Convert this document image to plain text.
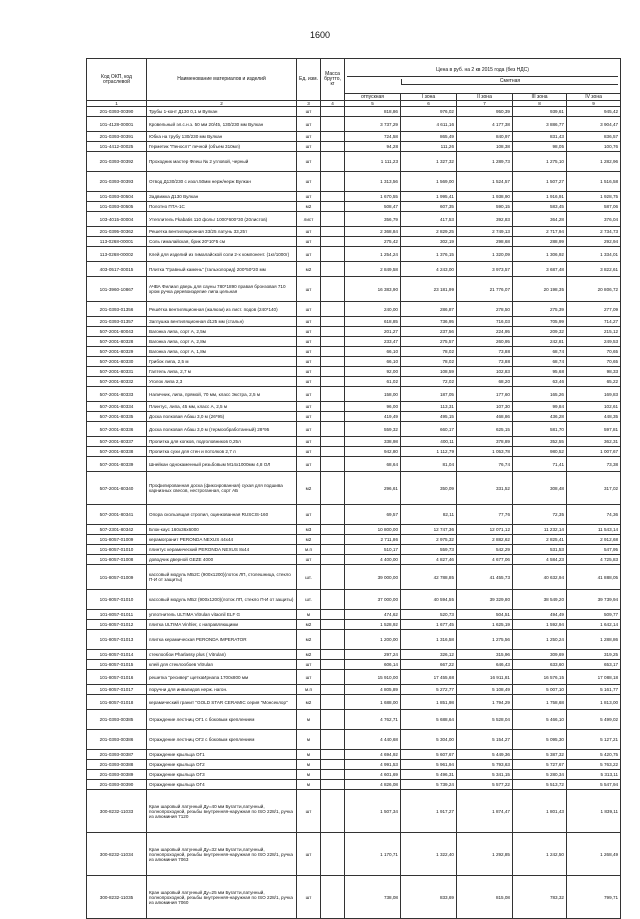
1600
Код ОКП, код отраслевой	Наименование материалов и изделий	Ед. изм.	Масса брутто, кг	Цена в руб. на 2 кв 2015 года (без НДС)
Сметная				

				отпускная	I зона	II зона	III зона	IV зона
1	2	3	4	5	6	7	8	9
201-0393-00390	Трубы 1-конт Д130 0,1 м Вулкан	шт		818,86	976,02	950,39	939,61	945,42
101-4128-00001	Кровельный эл.с.н.з. 50 мм 20/45, 130/230 мм Вулкан	шт		3 737,29	4 611,16	4 177,38	3 886,77	3 904,47
201-0393-00391	Юбка на трубу 130/230 мм Вулкан	шт		724,58	865,49	840,97	831,43	836,57
101-4412-00025	Герметик "Пенослт" печной (объем 310мл)	шт		94,28	111,26	108,38	98,05	100,76
201-0393-00392	Проходник мастер Флеш № 2 угловой, черный	шт		1 111,23	1 327,32	1 289,73	1 275,10	1 282,96
201-0393-00393	Отвод Д130/230 с изол.50мм нерж/нерж Вулкан	шт		1 313,56	1 569,00	1 524,57	1 507,27	1 516,58
101-0393-00504	Задвижка Д130 Вулкан	шт		1 670,55	1 995,41	1 938,90	1 916,91	1 928,75
101-0393-00505	Полотно ПТА-1С	м2		508,47	607,35	590,15	583,45	587,06
103-4015-00004	Утеплитель Fkabatis 110 фольг 1000*600*30 (20листов)	лист		356,79	417,53	392,83	364,28	376,04
201-0395-00362	Решетка вентиляционная 33/25 латунь 33,25т	шт		2 368,84	2 829,25	2 749,13	2 717,94	2 734,73
113-0268-00001	Соль гималайская, брик 20*10*5 см	шт		275,42	302,19	298,68	288,99	292,94
113-0268-00002	Клей для изделий из гималайской соли 2-х компонент. (1кг/1000г)	шт		1 254,24	1 376,15	1 320,09	1 306,92	1 334,01
403-0517-00015	Плитка "Гравный камень" (тальхолорид) 200*50*20 мм	м2		2 849,58	4 243,00	3 973,57	3 687,48	3 822,61
101-3960-10867	АЧВА Филиал дверь для сауны 780*1890 правая бронзовая 710 хром ручка деревоизделие липа цельная	шт		16 383,90	23 181,99	21 776,07	20 198,35	20 806,72
201-0393-01356	Решётка вентиляционная (жалюзи) из лист. подов (240*140)	шт		240,00	286,87	278,50	275,39	277,09
201-0393-01357	Заглушка вентиляционная d125 мм (стальн)	шт		618,85	736,95	716,03	705,99	714,27
507-2001-80043	Вагонка липа, сорт А, 2,5м	шт		201,27	237,56	224,95	209,32	215,12
507-2001-80328	Вагонка липа, сорт А, 2,8м	шт		233,47	275,57	260,95	242,81	249,53
507-2001-80329	Вагонка липа, сорт А, 1,8м	шт		66,10	78,02	73,88	68,74	70,65
507-2001-80330	Грибок липа, 2,5 м	шт		66,10	78,02	73,88	68,74	70,65
507-2001-80331	Галтель липа, 2,7 м	шт		92,00	108,59	102,83	95,68	98,33
507-2001-80332	Уголок липа 2,3	шт		61,02	72,02	68,20	63,46	65,22
507-2001-80333	Наличник, липа, прямой, 70 мм, класс Экстра, 2,5 м	шт		158,00	187,05	177,60	165,26	169,83
507-2001-80334	Плинтус, липа, 45 мм, класс А, 2,5 м	шт		96,00	113,31	107,30	99,84	102,61
507-2001-80335	Доска полковая Абаш 3,0 м (26*95)	шт		419,49	495,15	468,86	436,28	448,35
507-2001-80336	Доска полковая Абаш 3,0 м (термообработанный) 28*95	шт		559,32	660,17	625,15	581,70	597,81
507-2001-80337	Пропитка для копков, подголовников 0,25л	шт		338,98	400,11	378,89	352,55	362,31
507-2001-80338	Пропитка сухи для стен и потолков 2,7 л	шт		942,80	1 112,79	1 053,78	980,52	1 007,67
507-2001-80339	Шнейкан однокаменный резьбовым М14х1000мм 4,8 ОЛ	шт		68,64	81,04	76,74	71,41	73,38
507-2001-80340	Профилированная доска (фиксированная) сухая для подшива карнизных свесов, нестроганная, сорт АБ	м2		296,61	350,09	331,52	308,48	317,02
507-2001-80341	Опора скользящая стропил, оцинкованная RUSCIS-160	шт		69,57	82,11	77,76	72,35	74,36
507-2301-80342	Блок-каус 160х36х6000	м3		10 800,00	12 747,36	12 071,12	11 232,14	11 543,14
101-8057-01009	керамогранит PERONDA NEXUS 44х44	м2		2 711,86	2 975,32	2 882,62	2 825,41	2 912,68
101-8057-01010	плинтус керамический PERONDA NEXUS 8х44	м.п		510,17	559,73	542,29	531,53	547,95
101-8057-01008	доводчик дверной GEZE 4000	шт		4 400,00	4 827,46	4 677,06	4 584,23	4 725,83
101-8057-01009	кассовый модуль МБ2С (900х1200)(лоток ЛП, столешница, стекло П-И от защиты)	шт.		39 000,00	42 788,85	41 455,73	40 632,94	41 888,05
101-8057-01010	кассовый модуль МБ2 (900х1200)(лоток ЛП, стекло П-И от защиты)	шт.		37 000,00	40 594,55	39 329,80	38 549,20	39 739,94
101-8057-01011	уплотнитель ULTIMA Vitrulan vitaonil ELF G	м		474,62	520,73	504,51	494,49	509,77
101-8057-01012	плитка ULTIMA Vinhler, с направляющими	м2		1 528,92	1 677,45	1 625,19	1 592,94	1 642,14
101-8057-01013	плитка керамическая PERONDA IMPERATOR	м2		1 200,00	1 316,58	1 275,56	1 250,24	1 288,86
101-8057-01014	стеклообои Pharlassy plus ( Vitrulan)	м2		297,24	326,12	315,96	309,69	319,25
101-8057-01015	клей для стеклообоев Vitrulan	шт		606,14	667,22	646,43	633,60	653,17
101-8057-01016	решетка "ресивер" щеткаИрнапа 1700х800 мм	шт		15 910,00	17 455,68	16 911,81	16 576,15	17 088,18
101-8057-01017	поручни для инвалидов нерж. нагон.	м.п		4 805,89	5 272,77	5 108,49	5 007,10	5 161,77
101-8057-01018	керамический гранит "GOLD STAR CERAMIC серия "Монсеклор"	м2		1 688,00	1 851,98	1 794,29	1 758,68	1 813,00
201-0393-00385	Ограждение лестниц ОГ1 с боковым креплением	м		4 762,71	5 688,64	5 528,04	5 466,10	5 499,02
201-0393-00386	Ограждение лестниц ОГ2 с боковым креплением	м		4 440,68	5 304,00	5 154,27	5 095,30	5 127,21
201-0393-00387	Ограждение крыльца ОГ1	м		4 694,92	5 607,67	5 449,36	5 387,32	5 420,75
201-0393-00388	Ограждение крыльца ОГ2	м		4 991,53	5 961,94	5 793,63	5 727,67	5 763,22
201-0393-00389	Ограждение крыльца ОГ3	м		4 601,69	5 496,31	5 341,15	5 280,34	5 313,11
201-0393-00390	Ограждение крыльца ОГ4	м		4 826,08	5 739,24	5 577,22	5 513,72	5 547,94
300-8232-11033	Кран шаровый латунный Ду=40 мм Бугатти,латунный, полнопроходной, резьбы внутренняя-наружная по ISO 228/1, ручка из алюминия 7120	шт		1 507,34	1 917,27	1 874,47	1 801,43	1 839,11
300-8232-11034	Кран шаровый латунный Ду=32 мм Бугатти,латунный, полнопроходной, резьбы внутренняя-наружная по ISO 228/1, ручка из алюминия 7063	шт		1 170,71	1 322,40	1 292,85	1 242,50	1 268,49
300-8232-11035	Кран шаровый латунный Ду=25 мм Бугатти,латунный, полнопроходной, резьбы внутренняя-наружная по ISO 228/1, ручка из алюминия 7060	шт		738,08	833,69	815,08	783,32	799,71
